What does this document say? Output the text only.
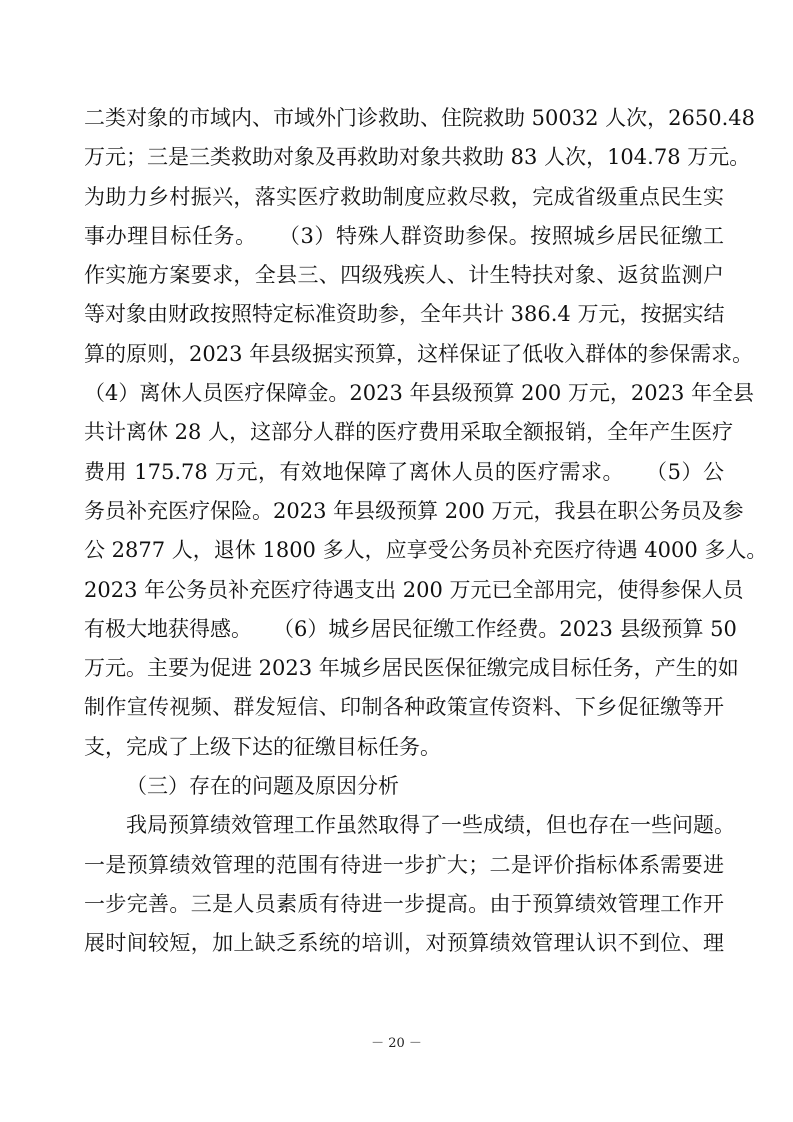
二类对象的市域内、市域外门诊救助、住院救助 50032 人次，2650.48
万元；三是三类救助对象及再救助对象共救助 83 人次，104.78 万元。
为助力乡村振兴，落实医疗救助制度应救尽救，完成省级重点民生实
事办理目标任务。　　（3）特殊人群资助参保。按照城乡居民征缴工
作实施方案要求，全县三、四级残疾人、计生特扶对象、返贫监测户
等对象由财政按照特定标准资助参，全年共计 386.4 万元，按据实结
算的原则，2023 年县级据实预算，这样保证了低收入群体的参保需求。
（4）离休人员医疗保障金。2023 年县级预算 200 万元，2023 年全县
共计离休 28 人，这部分人群的医疗费用采取全额报销，全年产生医疗
费用 175.78 万元，有效地保障了离休人员的医疗需求。　　（5）公
务员补充医疗保险。2023 年县级预算 200 万元，我县在职公务员及参
公 2877 人，退休 1800 多人，应享受公务员补充医疗待遇 4000 多人。
2023 年公务员补充医疗待遇支出 200 万元已全部用完，使得参保人员
有极大地获得感。　　（6）城乡居民征缴工作经费。2023 县级预算 50
万元。主要为促进 2023 年城乡居民医保征缴完成目标任务，产生的如
制作宣传视频、群发短信、印制各种政策宣传资料、下乡促征缴等开
支，完成了上级下达的征缴目标任务。
（三）存在的问题及原因分析
我局预算绩效管理工作虽然取得了一些成绩，但也存在一些问题。
一是预算绩效管理的范围有待进一步扩大；二是评价指标体系需要进
一步完善。三是人员素质有待进一步提高。由于预算绩效管理工作开
展时间较短，加上缺乏系统的培训，对预算绩效管理认识不到位、理
－ 20 －
